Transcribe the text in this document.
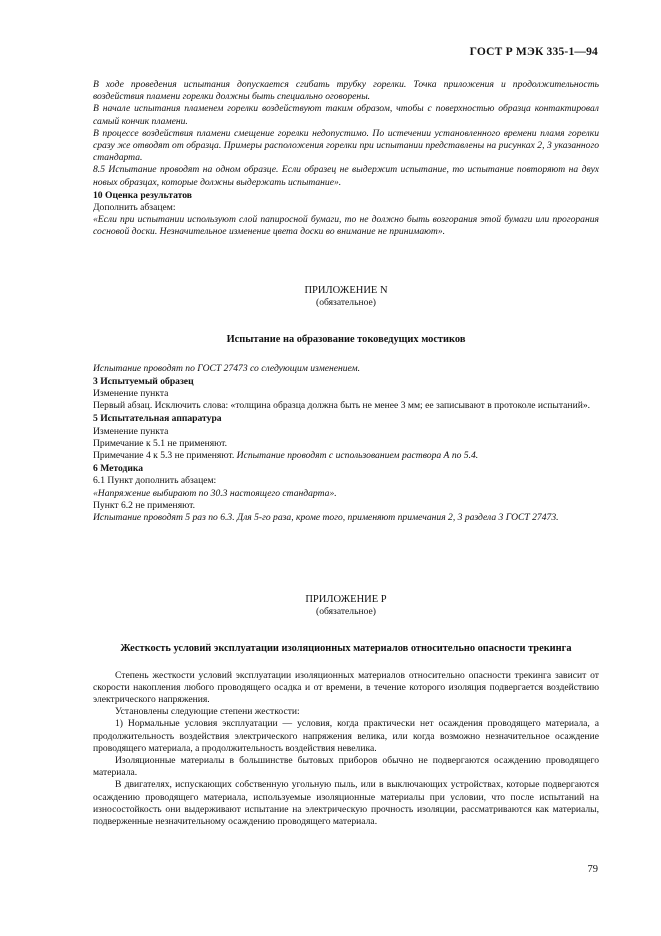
ГОСТ Р МЭК 335-1—94

В ходе проведения испытания допускается сгибать трубку горелки. Точка приложения и продолжительность воздействия пламени горелки должны быть специально оговорены.

В начале испытания пламенем горелки воздействуют таким образом, чтобы с поверхностью образца контактировал самый кончик пламени.

В процессе воздействия пламени смещение горелки недопустимо. По истечении установленного времени пламя горелки сразу же отводят от образца. Примеры расположения горелки при испытании представлены на рисунках 2, 3 указанного стандарта.

8.5 Испытание проводят на одном образце. Если образец не выдержит испытание, то испытание повторяют на двух новых образцах, которые должны выдержать испытание».

10 Оценка результатов

Дополнить абзацем:

«Если при испытании используют слой папиросной бумаги, то не должно быть возгорания этой бумаги или прогорания сосновой доски. Незначительное изменение цвета доски во внимание не принимают».

ПРИЛОЖЕНИЕ N

(обязательное)

Испытание на образование токоведущих мостиков

Испытание проводят по ГОСТ 27473 со следующим изменением.

3 Испытуемый образец

Изменение пункта

Первый абзац. Исключить слова: «толщина образца должна быть не менее 3 мм; ее записывают в протоколе испытаний».

5 Испытательная аппаратура

Изменение пункта

Примечание к 5.1 не применяют.

Примечание 4 к 5.3 не применяют. Испытание проводят с использованием раствора А по 5.4.

6 Методика

6.1 Пункт дополнить абзацем:

«Напряжение выбирают по 30.3 настоящего стандарта».

Пункт 6.2 не применяют.

Испытание проводят 5 раз по 6.3. Для 5-го раза, кроме того, применяют примечания 2, 3 раздела 3 ГОСТ 27473.

ПРИЛОЖЕНИЕ Р

(обязательное)

Жесткость условий эксплуатации изоляционных материалов относительно опасности трекинга

Степень жесткости условий эксплуатации изоляционных материалов относительно опасности трекинга зависит от скорости накопления любого проводящего осадка и от времени, в течение которого изоляция подвергается воздействию электрического напряжения.

Установлены следующие степени жесткости:

1) Нормальные условия эксплуатации — условия, когда практически нет осаждения проводящего материала, а продолжительность воздействия электрического напряжения велика, или когда возможно незначительное осаждение проводящего материала, а продолжительность воздействия невелика.

Изоляционные материалы в большинстве бытовых приборов обычно не подвергаются осаждению проводящего материала.

В двигателях, испускающих собственную угольную пыль, или в выключающих устройствах, которые подвергаются осаждению проводящего материала, используемые изоляционные материалы при условии, что после испытаний на износостойкость они выдерживают испытание на электрическую прочность изоляции, рассматриваются как материалы, подверженные незначительному осаждению проводящего материала.

79
